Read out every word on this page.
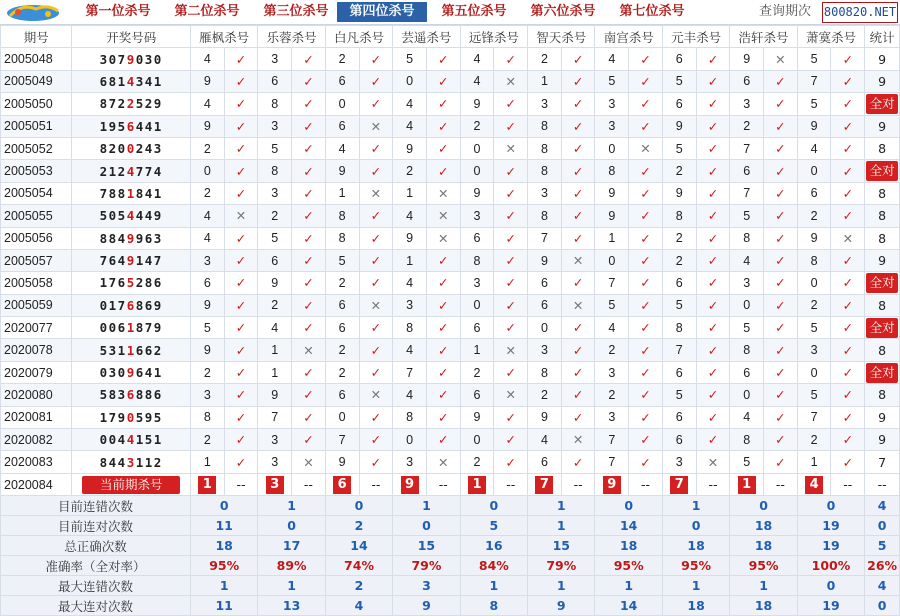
第一位杀号	第二位杀号	第三位杀号	第四位杀号	第五位杀号	第六位杀号	第七位杀号	查询期次 800820.NET
期号	开奖号码	雁枫杀号		乐蓉杀号		白凡杀号		芸遥杀号		远锋杀号		智天杀号		南宫杀号		元丰杀号		浩轩杀号		萧寞杀号		统计
2005048	3079030	4	✓	3	✓	2	✓	5	✓	4	✓	2	✓	4	✓	6	✓	9	✕	5	✓	9
2005049	6814341	9	✓	6	✓	6	✓	0	✓	4	✕	1	✓	5	✓	5	✓	6	✓	7	✓	9
2005050	8722529	4	✓	8	✓	0	✓	4	✓	9	✓	3	✓	3	✓	6	✓	3	✓	5	✓	全对
2005051	1956441	9	✓	3	✓	6	✕	4	✓	2	✓	8	✓	3	✓	9	✓	2	✓	9	✓	9
2005052	8200243	2	✓	5	✓	4	✓	9	✓	0	✕	8	✓	0	✕	5	✓	7	✓	4	✓	8
2005053	2124774	0	✓	8	✓	9	✓	2	✓	0	✓	8	✓	8	✓	2	✓	6	✓	0	✓	全对
2005054	7881841	2	✓	3	✓	1	✕	1	✕	9	✓	3	✓	9	✓	9	✓	7	✓	6	✓	8
2005055	5054449	4	✕	2	✓	8	✓	4	✕	3	✓	8	✓	9	✓	8	✓	5	✓	2	✓	8
2005056	8849963	4	✓	5	✓	8	✓	9	✕	6	✓	7	✓	1	✓	2	✓	8	✓	9	✕	8
2005057	7649147	3	✓	6	✓	5	✓	1	✓	8	✓	9	✕	0	✓	2	✓	4	✓	8	✓	9
2005058	1765286	6	✓	9	✓	2	✓	4	✓	3	✓	6	✓	7	✓	6	✓	3	✓	0	✓	全对
2005059	0176869	9	✓	2	✓	6	✕	3	✓	0	✓	6	✕	5	✓	5	✓	0	✓	2	✓	8
2020077	0061879	5	✓	4	✓	6	✓	8	✓	6	✓	0	✓	4	✓	8	✓	5	✓	5	✓	全对
2020078	5311662	9	✓	1	✕	2	✓	4	✓	1	✕	3	✓	2	✓	7	✓	8	✓	3	✓	8
2020079	0309641	2	✓	1	✓	2	✓	7	✓	2	✓	8	✓	3	✓	6	✓	6	✓	0	✓	全对
2020080	5836886	3	✓	9	✓	6	✕	4	✓	6	✕	2	✓	2	✓	5	✓	0	✓	5	✓	8
2020081	1790595	8	✓	7	✓	0	✓	8	✓	9	✓	9	✓	3	✓	6	✓	4	✓	7	✓	9
2020082	0044151	2	✓	3	✓	7	✓	0	✓	0	✓	4	✕	7	✓	6	✓	8	✓	2	✓	9
2020083	8443112	1	✓	3	✕	9	✓	3	✕	2	✓	6	✓	7	✓	3	✕	5	✓	1	✓	7
2020084	当前期杀号	1	--	3	--	6	--	9	--	1	--	7	--	9	--	7	--	1	--	4	--	--
目前连错次数		0		1		0		1		0		1		0		1		0		0		4
目前连对次数		11		0		2		0		5		1		14		0		18		19		0
总正确次数		18		17		14		15		16		15		18		18		18		19		5
准确率（全对率）		95%		89%		74%		79%		84%		79%		95%		95%		95%		100%		26%
最大连错次数		1		1		2		3		1		1		1		1		1		0		4
最大连对次数		11		13		4		9		8		9		14		18		18		19		0
